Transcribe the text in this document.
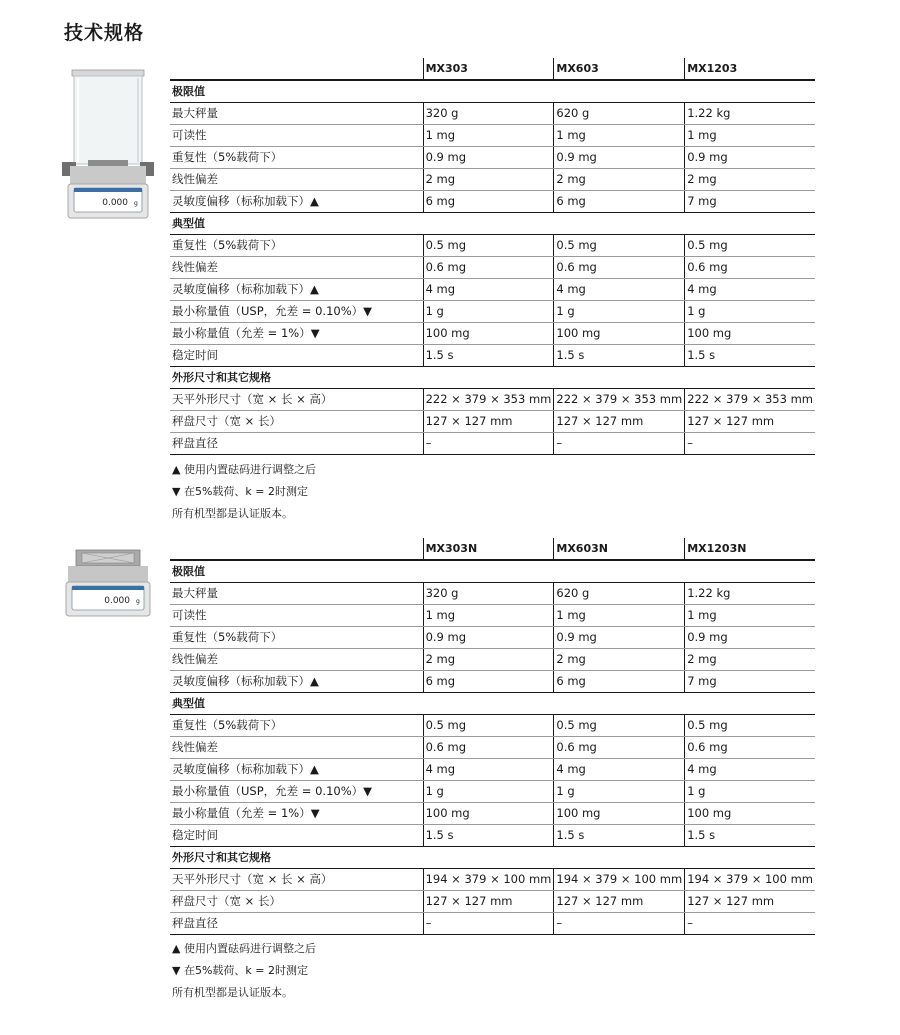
技术规格
0.000 g
	MX303	MX603	MX1203
极限值			
最大秤量	320 g	620 g	1.22 kg
可读性	1 mg	1 mg	1 mg
重复性（5%载荷下）	0.9 mg	0.9 mg	0.9 mg
线性偏差	2 mg	2 mg	2 mg
灵敏度偏移（标称加载下）▲	6 mg	6 mg	7 mg
典型值			
重复性（5%载荷下）	0.5 mg	0.5 mg	0.5 mg
线性偏差	0.6 mg	0.6 mg	0.6 mg
灵敏度偏移（标称加载下）▲	4 mg	4 mg	4 mg
最小称量值（USP，允差 = 0.10%）▼	1 g	1 g	1 g
最小称量值（允差 = 1%）▼	100 mg	100 mg	100 mg
稳定时间	1.5 s	1.5 s	1.5 s
外形尺寸和其它规格			
天平外形尺寸（宽 × 长 × 高）	222 × 379 × 353 mm	222 × 379 × 353 mm	222 × 379 × 353 mm
秤盘尺寸（宽 × 长）	127 × 127 mm	127 × 127 mm	127 × 127 mm
秤盘直径	–	–	–
▲ 使用内置砝码进行调整之后
▼ 在5%载荷、k = 2时测定
所有机型都是认证版本。
0.000 g
	MX303N	MX603N	MX1203N
极限值			
最大秤量	320 g	620 g	1.22 kg
可读性	1 mg	1 mg	1 mg
重复性（5%载荷下）	0.9 mg	0.9 mg	0.9 mg
线性偏差	2 mg	2 mg	2 mg
灵敏度偏移（标称加载下）▲	6 mg	6 mg	7 mg
典型值			
重复性（5%载荷下）	0.5 mg	0.5 mg	0.5 mg
线性偏差	0.6 mg	0.6 mg	0.6 mg
灵敏度偏移（标称加载下）▲	4 mg	4 mg	4 mg
最小称量值（USP，允差 = 0.10%）▼	1 g	1 g	1 g
最小称量值（允差 = 1%）▼	100 mg	100 mg	100 mg
稳定时间	1.5 s	1.5 s	1.5 s
外形尺寸和其它规格			
天平外形尺寸（宽 × 长 × 高）	194 × 379 × 100 mm	194 × 379 × 100 mm	194 × 379 × 100 mm
秤盘尺寸（宽 × 长）	127 × 127 mm	127 × 127 mm	127 × 127 mm
秤盘直径	–	–	–
▲ 使用内置砝码进行调整之后
▼ 在5%载荷、k = 2时测定
所有机型都是认证版本。
